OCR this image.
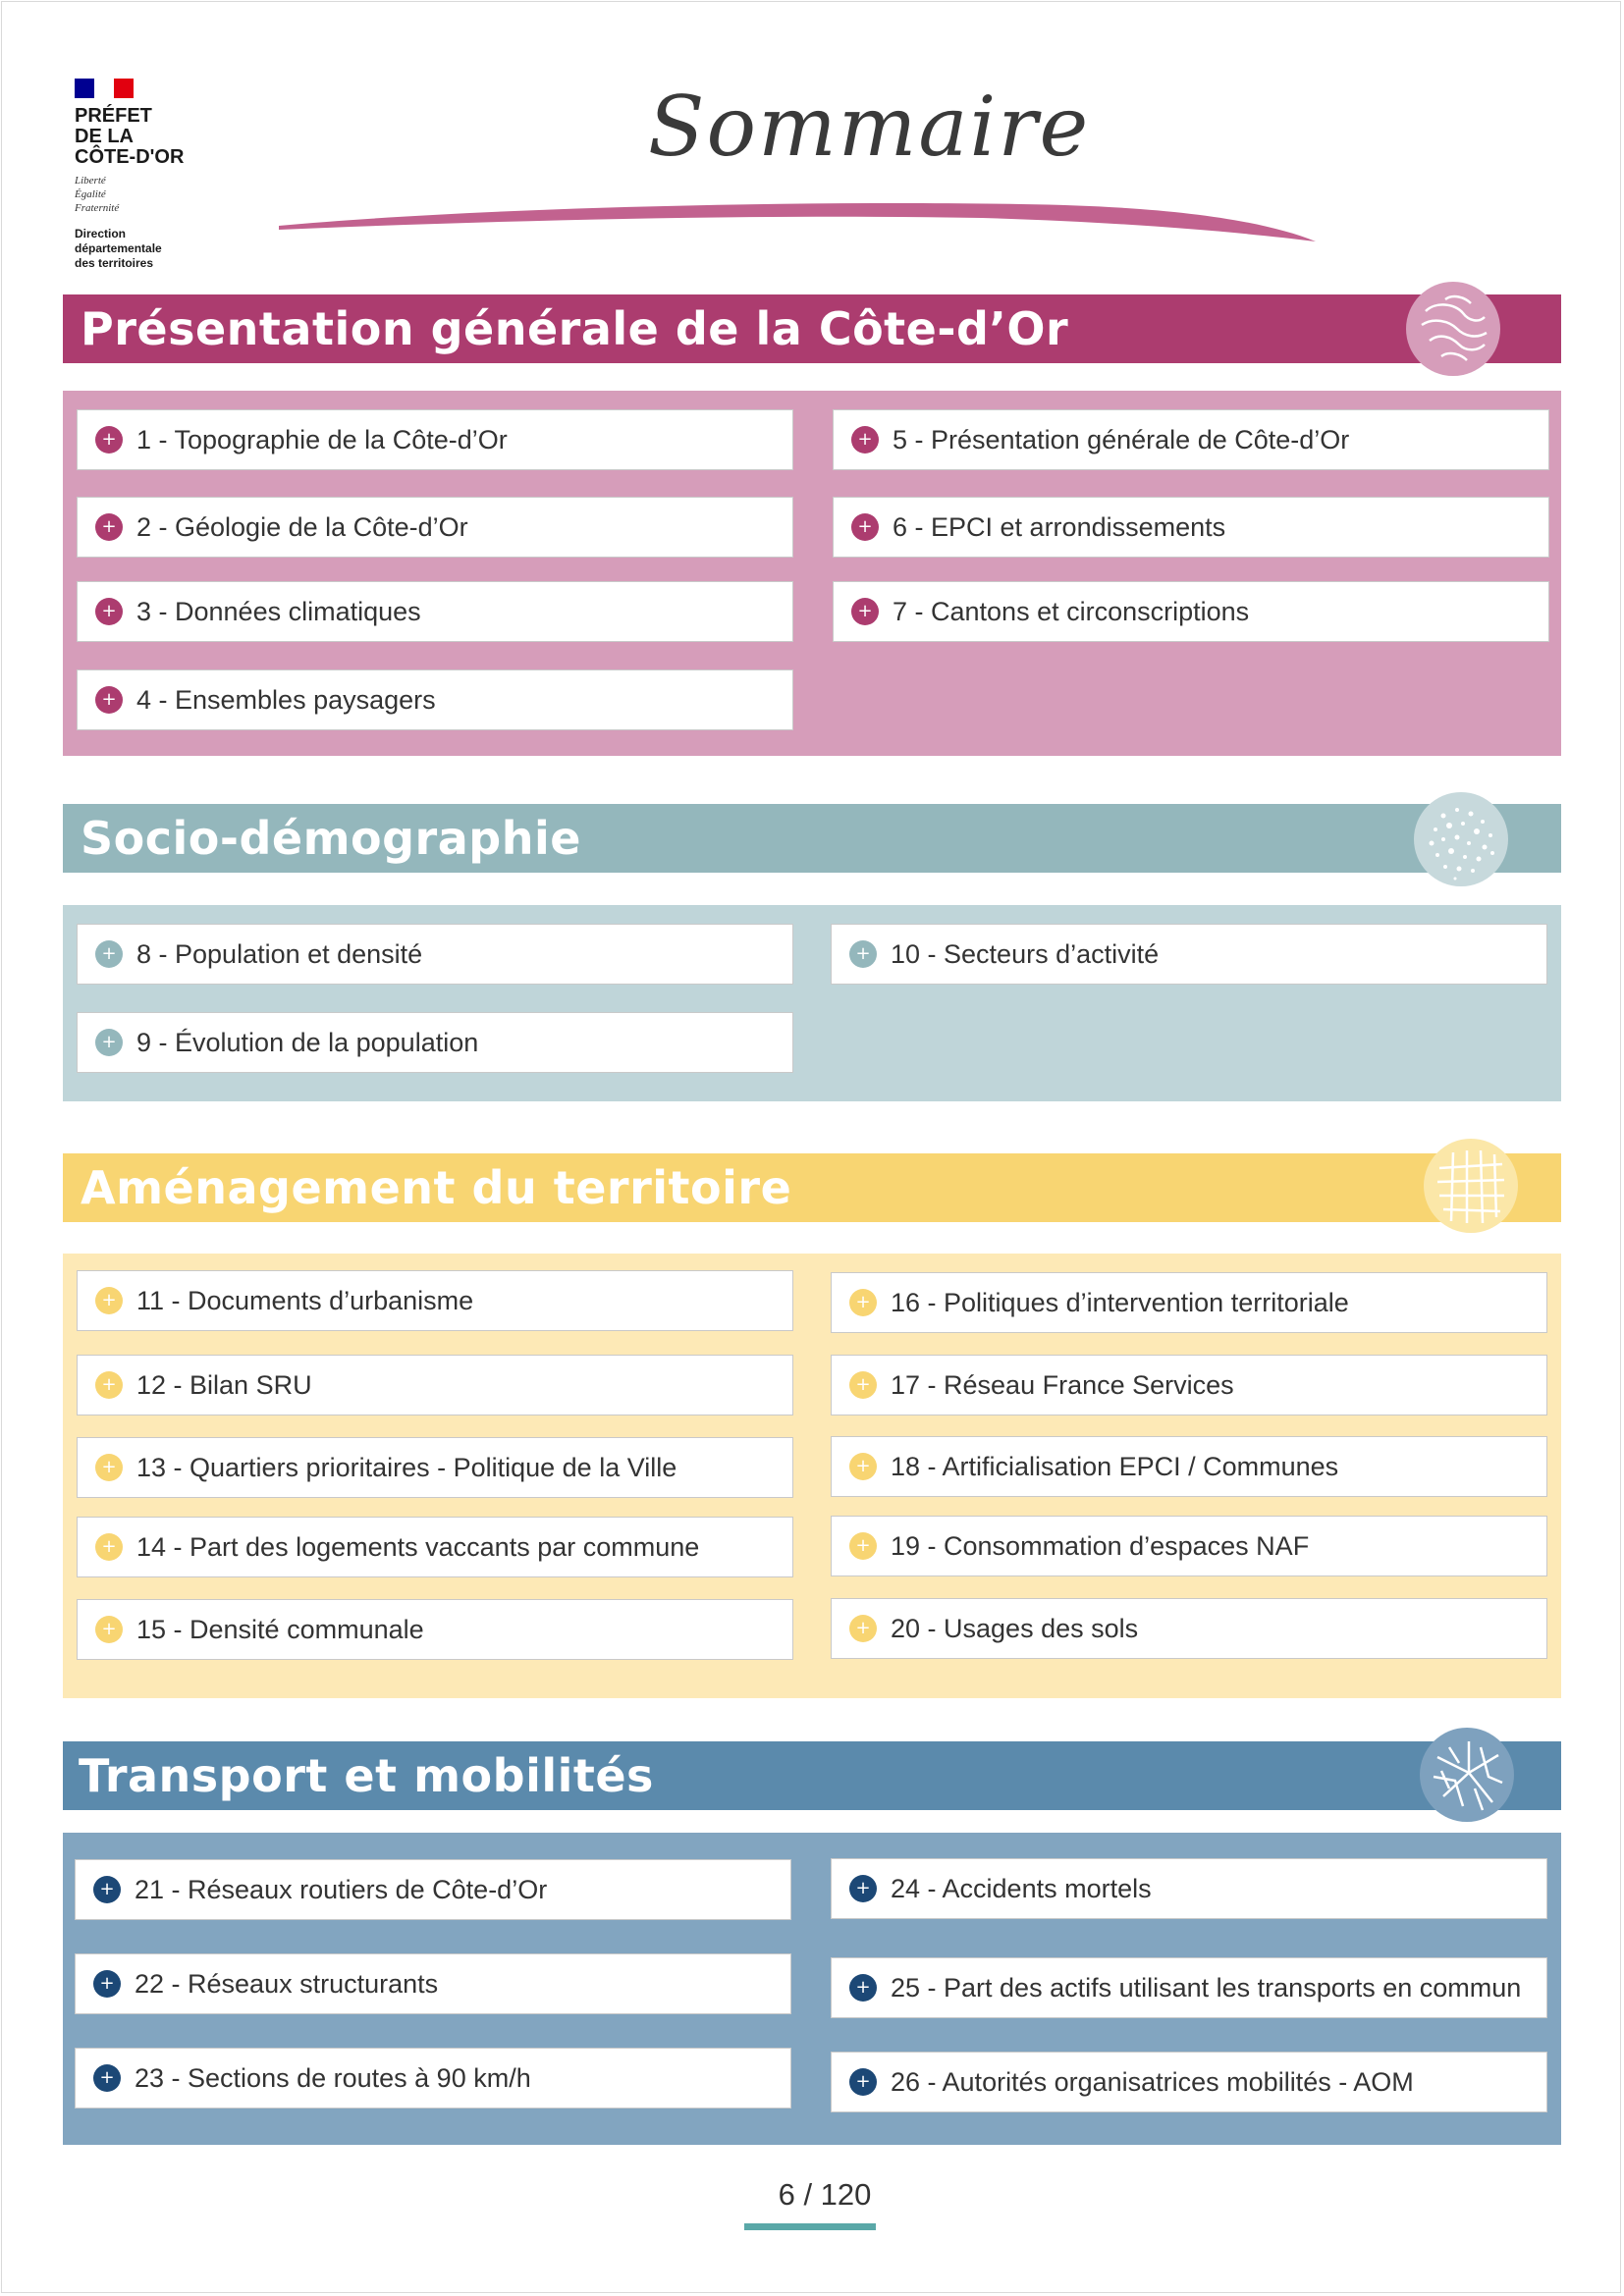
PRÉFET
DE LA
CÔTE-D'OR
Liberté
Égalité
Fraternité
Direction
départementale
des territoires
Sommaire
Présentation générale de la Côte-d’Or
+ 1 - Topographie de la Côte-d’Or
+ 2 - Géologie de la Côte-d’Or
+ 3 - Données climatiques
+ 4 - Ensembles paysagers
+ 5 - Présentation générale de Côte-d’Or
+ 6 - EPCI et arrondissements
+ 7 - Cantons et circonscriptions
Socio-démographie
+ 8 - Population et densité
+ 9 - Évolution de la population
+ 10 - Secteurs d’activité
Aménagement du territoire
+ 11 - Documents d’urbanisme
+ 12 - Bilan SRU
+ 13 - Quartiers prioritaires - Politique de la Ville
+ 14 - Part des logements vaccants par commune
+ 15 - Densité communale
+ 16 - Politiques d’intervention territoriale
+ 17 - Réseau France Services
+ 18 - Artificialisation EPCI / Communes
+ 19 - Consommation d’espaces NAF
+ 20 - Usages des sols
Transport et mobilités
+ 21 - Réseaux routiers de Côte-d’Or
+ 22 - Réseaux structurants
+ 23 - Sections de routes à 90 km/h
+ 24 - Accidents mortels
+ 25 - Part des actifs utilisant les transports en commun
+ 26 - Autorités organisatrices mobilités - AOM
6 / 120
